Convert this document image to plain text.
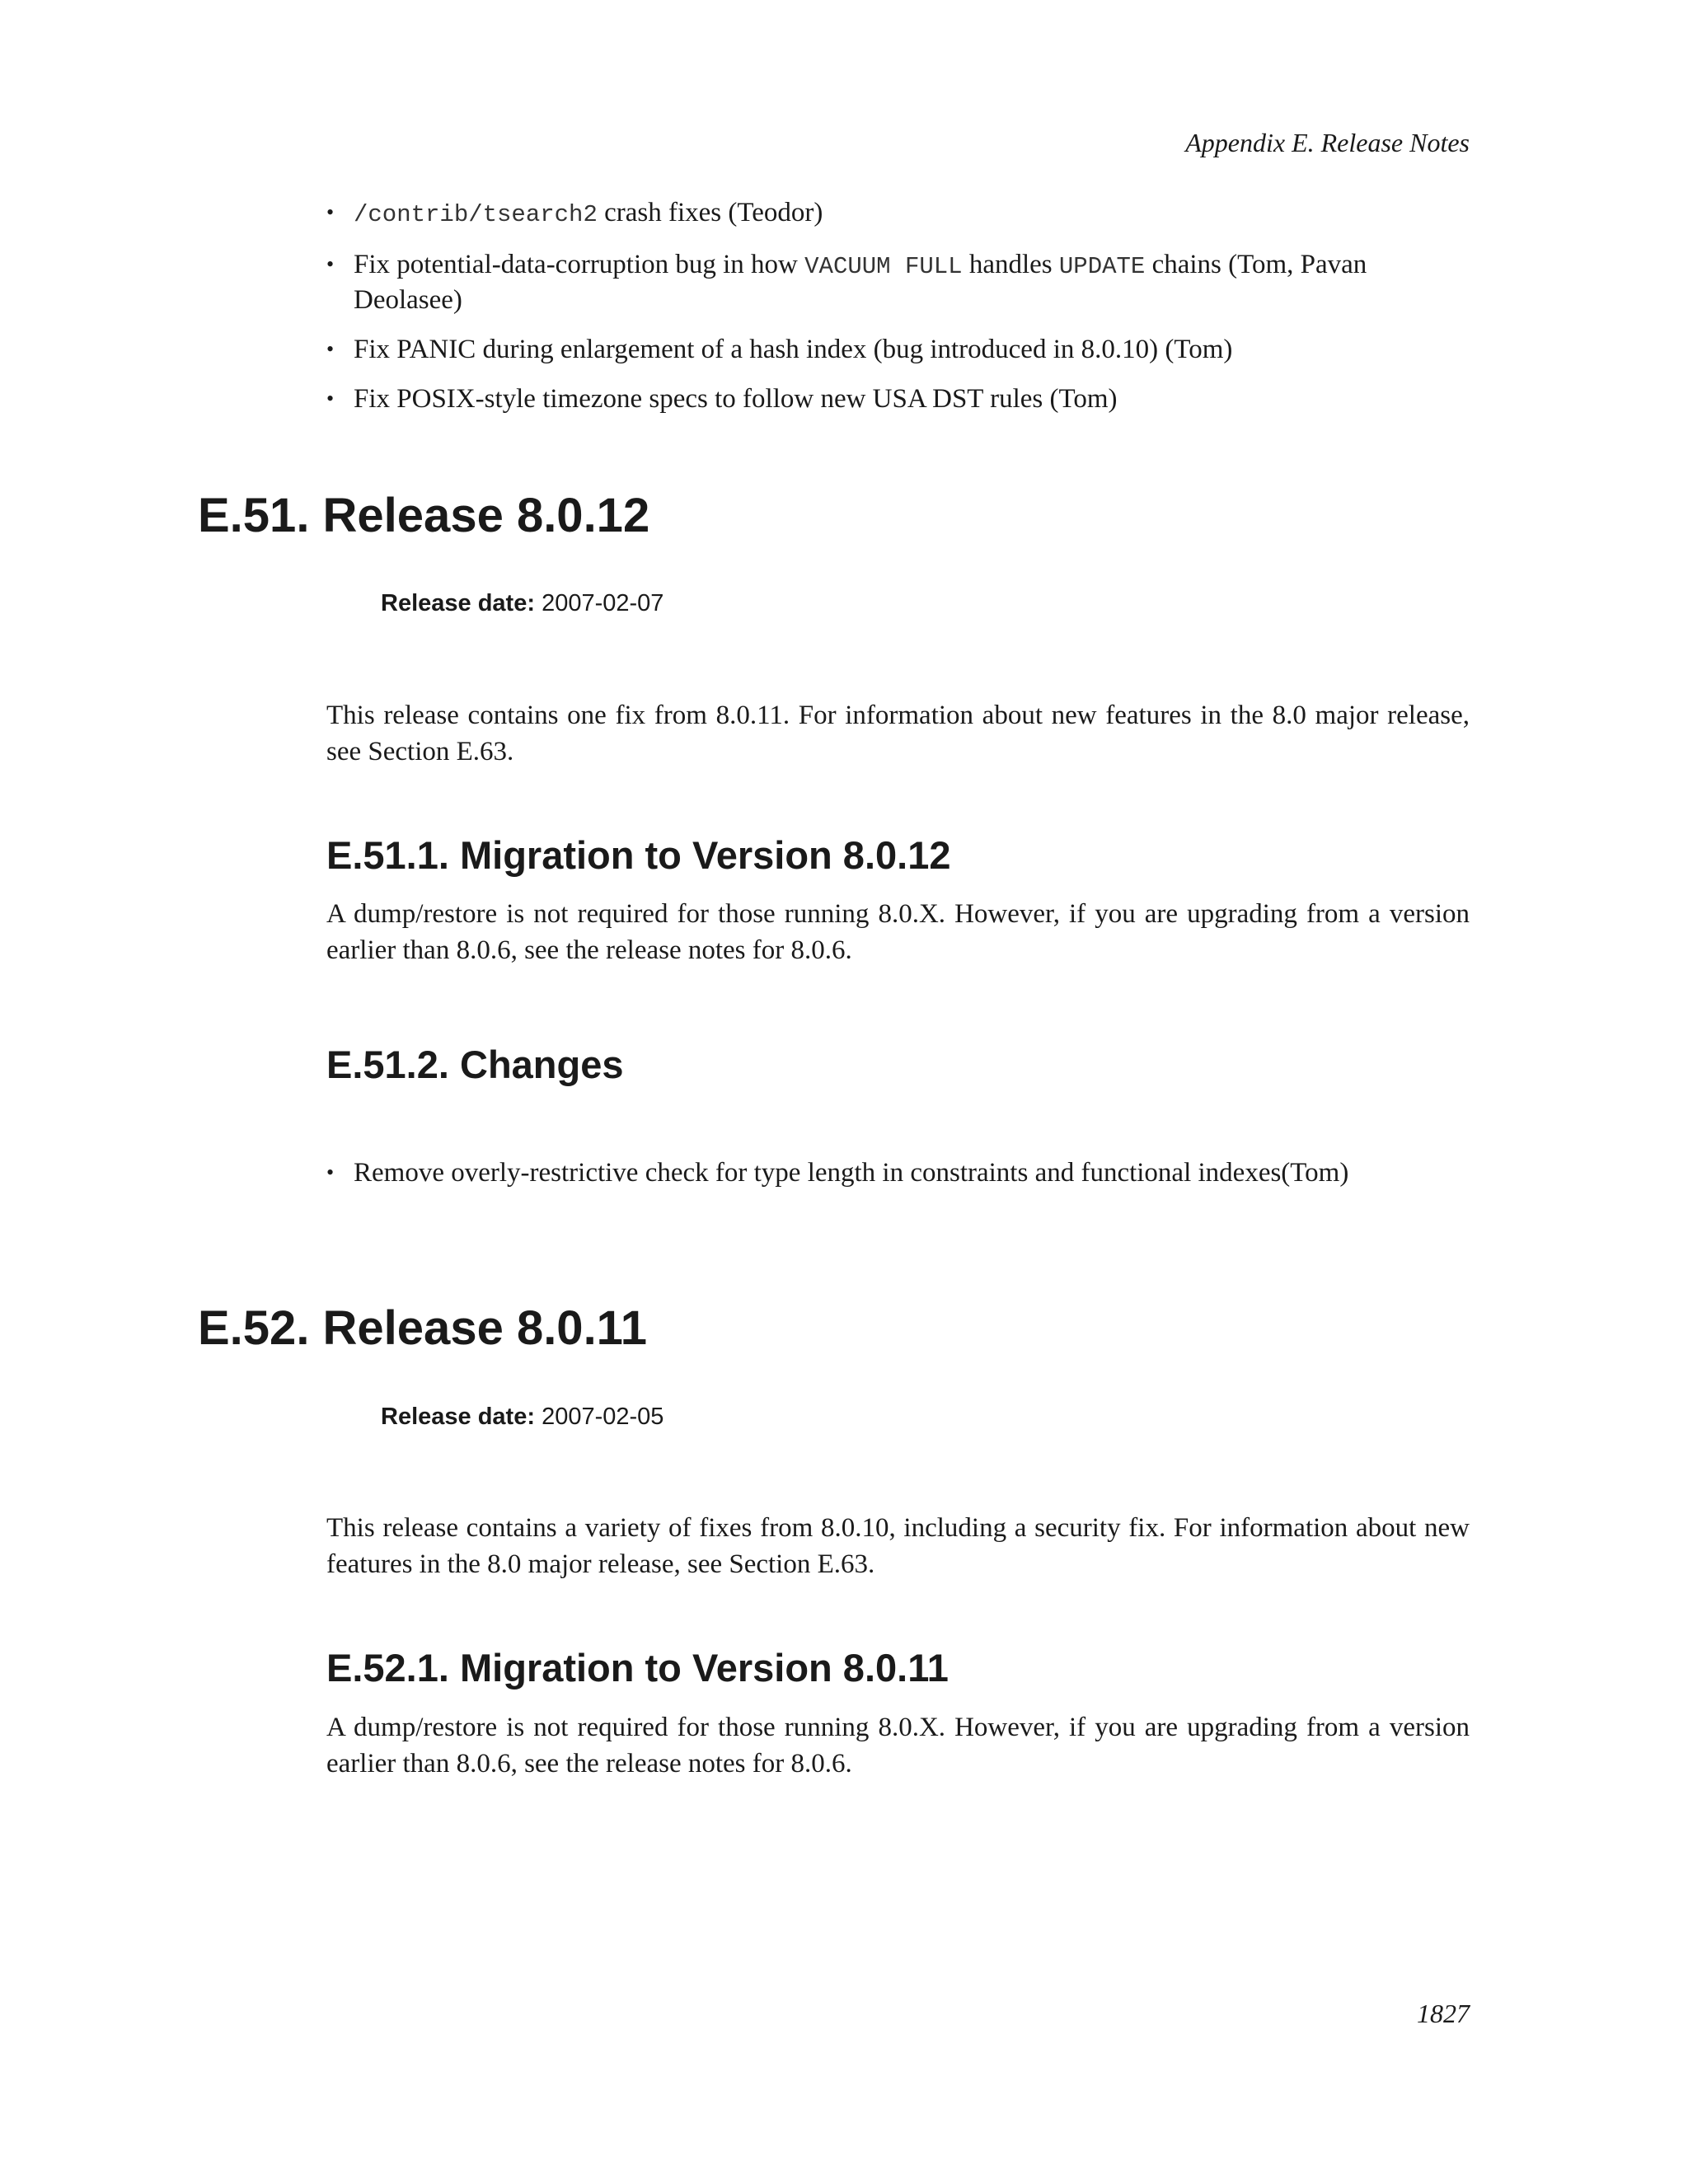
Appendix E. Release Notes
• /contrib/tsearch2 crash fixes (Teodor)
• Fix potential-data-corruption bug in how VACUUM FULL handles UPDATE chains (Tom, Pavan Deolasee)
• Fix PANIC during enlargement of a hash index (bug introduced in 8.0.10) (Tom)
• Fix POSIX-style timezone specs to follow new USA DST rules (Tom)
E.51. Release 8.0.12
Release date: 2007-02-07

This release contains one fix from 8.0.11. For information about new features in the 8.0 major release, see Section E.63.

E.51.1. Migration to Version 8.0.12

A dump/restore is not required for those running 8.0.X. However, if you are upgrading from a version earlier than 8.0.6, see the release notes for 8.0.6.

E.51.2. Changes
• Remove overly-restrictive check for type length in constraints and functional indexes(Tom)
E.52. Release 8.0.11
Release date: 2007-02-05

This release contains a variety of fixes from 8.0.10, including a security fix. For information about new features in the 8.0 major release, see Section E.63.

E.52.1. Migration to Version 8.0.11

A dump/restore is not required for those running 8.0.X. However, if you are upgrading from a version earlier than 8.0.6, see the release notes for 8.0.6.

1827
